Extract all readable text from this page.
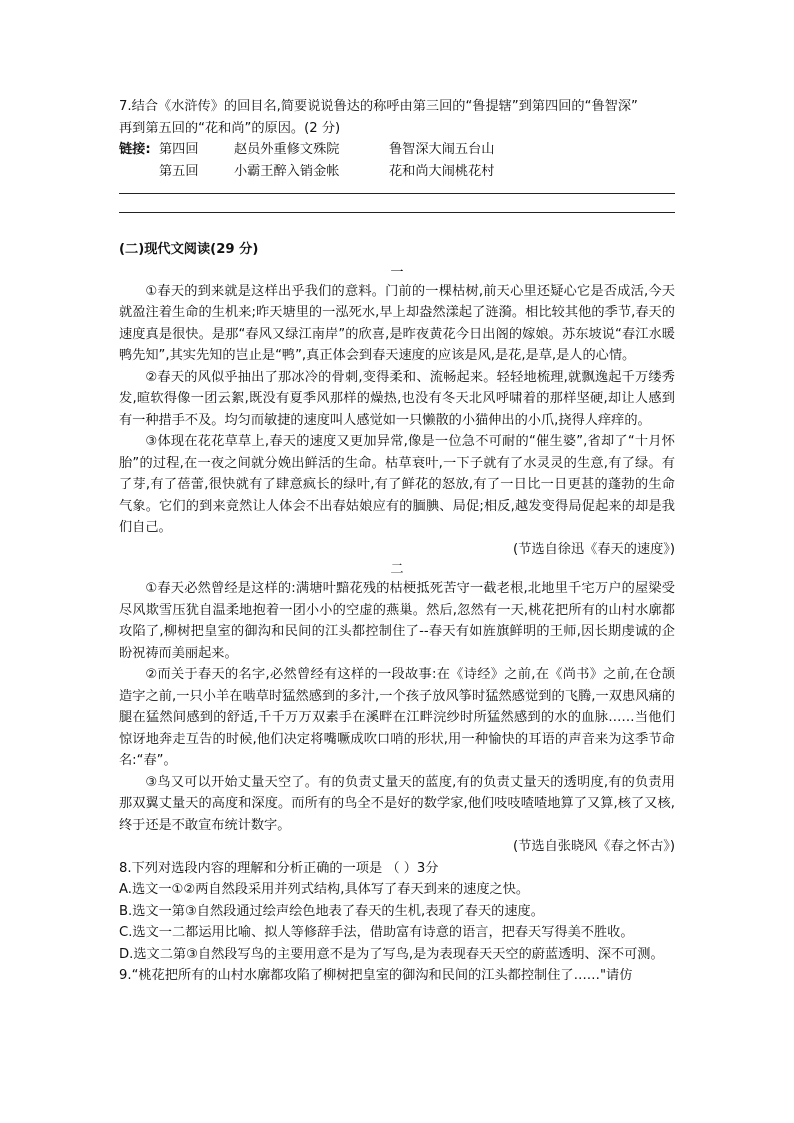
7.结合《水浒传》的回目名,简要说说鲁达的称呼由第三回的“鲁提辖”到第四回的“鲁智深”
再到第五回的“花和尚”的原因。(2 分)
链接: 第四回	赵员外重修文殊院	鲁智深大闹五台山
第五回	小霸王醉入销金帐	花和尚大闹桃花村
(二)现代文阅读(29 分)
一
①春天的到来就是这样出乎我们的意料。门前的一棵枯树,前天心里还疑心它是否成活,今天就盈注着生命的生机来;昨天塘里的一泓死水,早上却盎然漾起了涟漪。相比较其他的季节,春天的速度真是很快。是那“春风又绿江南岸”的欣喜,是昨夜黄花今日出阁的嫁娘。苏东坡说“春江水暖鸭先知”,其实先知的岂止是“鸭”,真正体会到春天速度的应该是风,是花,是草,是人的心情。
②春天的风似乎抽出了那冰冷的骨刺,变得柔和、流畅起来。轻轻地梳理,就飘逸起千万缕秀发,暄软得像一团云絮,既没有夏季风那样的燥热,也没有冬天北风呼啸着的那样坚硬,却让人感到有一种措手不及。均匀而敏捷的速度叫人感觉如一只懒散的小猫伸出的小爪,挠得人痒痒的。
③体现在花花草草上,春天的速度又更加异常,像是一位急不可耐的“催生婆”,省却了“十月怀胎”的过程,在一夜之间就分娩出鲜活的生命。枯草衰叶,一下子就有了水灵灵的生意,有了绿。有了芽,有了蓓蕾,很快就有了肆意疯长的绿叶,有了鲜花的怒放,有了一日比一日更甚的蓬勃的生命气象。它们的到来竟然让人体会不出春姑娘应有的腼腆、局促;相反,越发变得局促起来的却是我们自己。
(节选自徐迅《春天的速度》)
二
①春天必然曾经是这样的:满塘叶黯花残的枯梗抵死苦守一截老根,北地里千宅万户的屋梁受尽风欺雪压犹自温柔地抱着一团小小的空虚的燕巢。然后,忽然有一天,桃花把所有的山村水廓都攻陷了,柳树把皇室的御沟和民间的江头都控制住了--春天有如旌旗鲜明的王师,因长期虔诚的企盼祝祷而美丽起来。
②而关于春天的名字,必然曾经有这样的一段故事:在《诗经》之前,在《尚书》之前,在仓颉造字之前,一只小羊在啮草时猛然感到的多汁,一个孩子放风筝时猛然感觉到的飞腾,一双患风痛的腿在猛然间感到的舒适,千千万万双素手在溪畔在江畔浣纱时所猛然感到的水的血脉……当他们惊讶地奔走互告的时候,他们决定将嘴噘成吹口哨的形状,用一种愉快的耳语的声音来为这季节命名:“春”。
③鸟又可以开始丈量天空了。有的负责丈量天的蓝度,有的负责丈量天的透明度,有的负责用那双翼丈量天的高度和深度。而所有的鸟全不是好的数学家,他们吱吱喳喳地算了又算,核了又核,终于还是不敢宣布统计数字。
(节选自张晓风《春之怀古》)
8.下列对选段内容的理解和分析正确的一项是 （ ）3分
A.选文一①②两自然段采用并列式结构,具体写了春天到来的速度之快。
B.选文一第③自然段通过绘声绘色地表了春天的生机,表现了春天的速度。
C.选文一二都运用比喻、拟人等修辞手法，借助富有诗意的语言，把春天写得美不胜收。
D.选文二第③自然段写鸟的主要用意不是为了写鸟,是为表现春天天空的蔚蓝透明、深不可测。
9.“桃花把所有的山村水廓都攻陷了柳树把皇室的御沟和民间的江头都控制住了……"请仿
